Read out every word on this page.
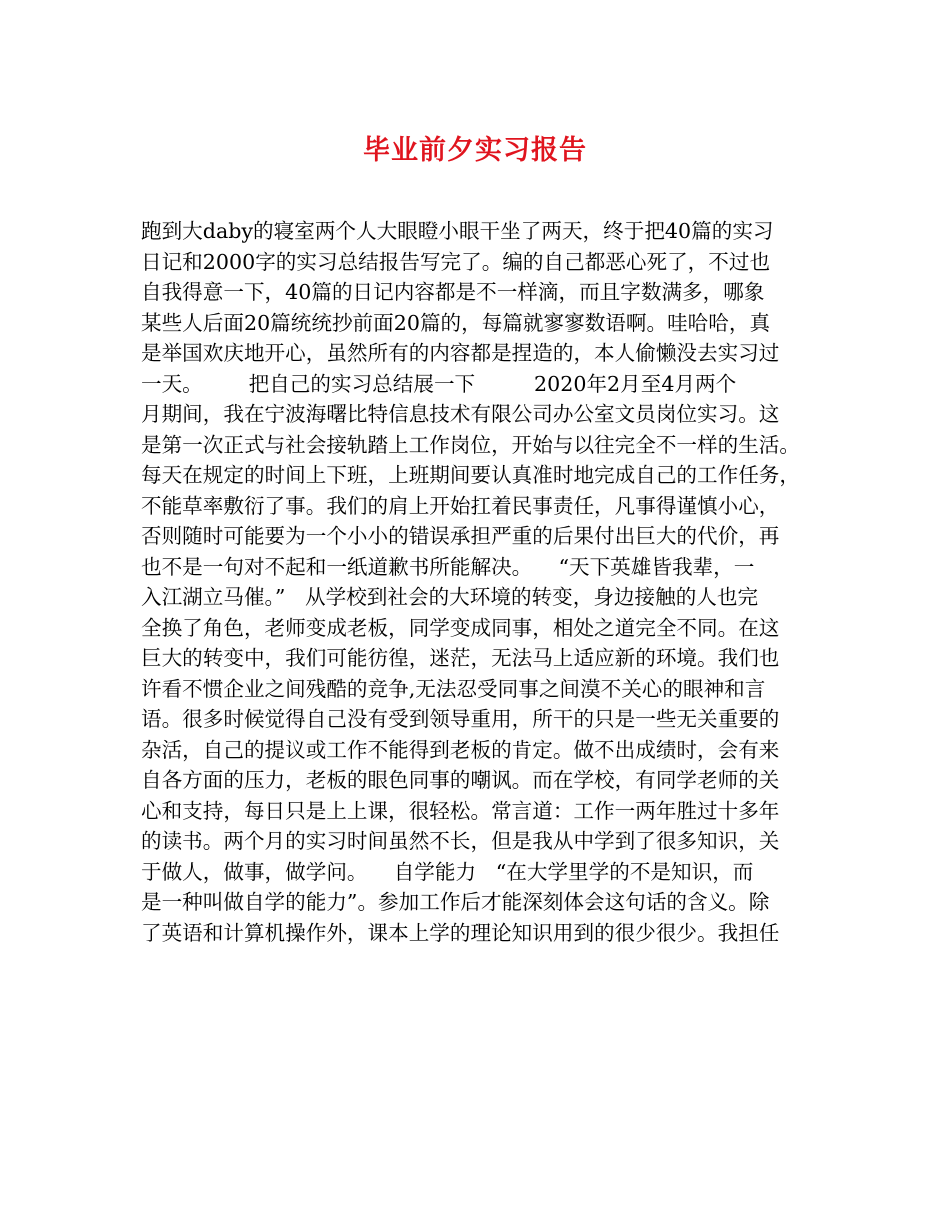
毕业前夕实习报告
跑到大daby的寝室两个人大眼瞪小眼干坐了两天，终于把40篇的实习
日记和2000字的实习总结报告写完了。编的自己都恶心死了，不过也
自我得意一下，40篇的日记内容都是不一样滴，而且字数满多，哪象
某些人后面20篇统统抄前面20篇的，每篇就寥寥数语啊。哇哈哈，真
是举国欢庆地开心，虽然所有的内容都是捏造的，本人偷懒没去实习过
一天。       把自己的实习总结展一下         2020年2月至4月两个
月期间，我在宁波海曙比特信息技术有限公司办公室文员岗位实习。这
是第一次正式与社会接轨踏上工作岗位，开始与以往完全不一样的生活。
每天在规定的时间上下班，上班期间要认真准时地完成自己的工作任务，
不能草率敷衍了事。我们的肩上开始扛着民事责任，凡事得谨慎小心，
否则随时可能要为一个小小的错误承担严重的后果付出巨大的代价，再
也不是一句对不起和一纸道歉书所能解决。    “天下英雄皆我辈，一
入江湖立马催。”   从学校到社会的大环境的转变，身边接触的人也完
全换了角色，老师变成老板，同学变成同事，相处之道完全不同。在这
巨大的转变中，我们可能彷徨，迷茫，无法马上适应新的环境。我们也
许看不惯企业之间残酷的竞争,无法忍受同事之间漠不关心的眼神和言
语。很多时候觉得自己没有受到领导重用，所干的只是一些无关重要的
杂活，自己的提议或工作不能得到老板的肯定。做不出成绩时，会有来
自各方面的压力，老板的眼色同事的嘲讽。而在学校，有同学老师的关
心和支持，每日只是上上课，很轻松。常言道：工作一两年胜过十多年
的读书。两个月的实习时间虽然不长，但是我从中学到了很多知识，关
于做人，做事，做学问。    自学能力   “在大学里学的不是知识，而
是一种叫做自学的能力”。参加工作后才能深刻体会这句话的含义。除
了英语和计算机操作外，课本上学的理论知识用到的很少很少。我担任
